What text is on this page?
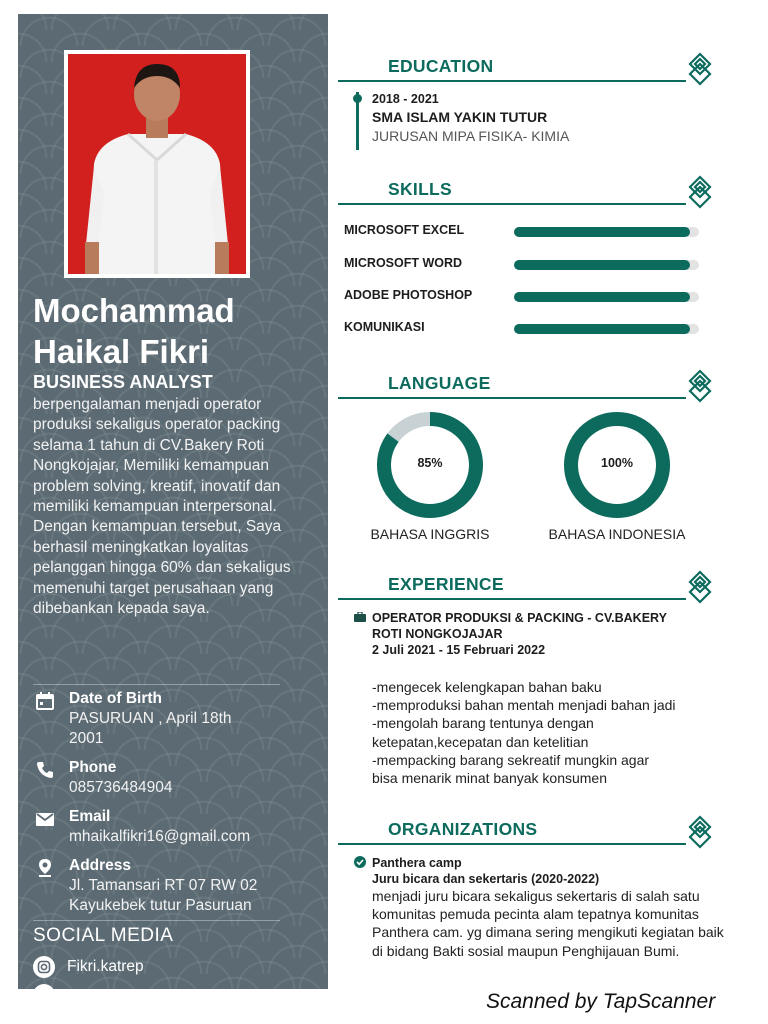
Mochammad
Haikal Fikri
BUSINESS ANALYST
berpengalaman menjadi operator produksi sekaligus operator packing selama 1 tahun di CV.Bakery Roti Nongkojajar, Memiliki kemampuan problem solving, kreatif, inovatif dan memiliki kemampuan interpersonal. Dengan kemampuan tersebut, Saya berhasil meningkatkan loyalitas pelanggan hingga 60% dan sekaligus memenuhi target perusahaan yang dibebankan kepada saya.
Date of Birth
PASURUAN , April 18th 2001
Phone
085736484904
Email
mhaikalfikri16@gmail.com
Address
Jl. Tamansari RT 07 RW 02 Kayukebek tutur Pasuruan
SOCIAL MEDIA
Fikri.katrep
EDUCATION
2018 - 2021
SMA ISLAM YAKIN TUTUR
JURUSAN MIPA FISIKA- KIMIA
SKILLS
MICROSOFT EXCEL
MICROSOFT WORD
ADOBE PHOTOSHOP
KOMUNIKASI
LANGUAGE
85%
BAHASA INGGRIS
100%
BAHASA INDONESIA
EXPERIENCE
OPERATOR PRODUKSI & PACKING - CV.BAKERY
ROTI NONGKOJAJAR
2 Juli 2021 - 15 Februari 2022
-mengecek kelengkapan bahan baku
-memproduksi bahan mentah menjadi bahan jadi
-mengolah barang tentunya dengan
ketepatan,kecepatan dan ketelitian
-mempacking barang sekreatif mungkin agar
bisa menarik minat banyak konsumen
ORGANIZATIONS
Panthera camp
Juru bicara dan sekertaris (2020-2022)
menjadi juru bicara sekaligus sekertaris di salah satu komunitas pemuda pecinta alam tepatnya komunitas Panthera cam. yg dimana sering mengikuti kegiatan baik di bidang Bakti sosial maupun Penghijauan Bumi.
Scanned by TapScanner
